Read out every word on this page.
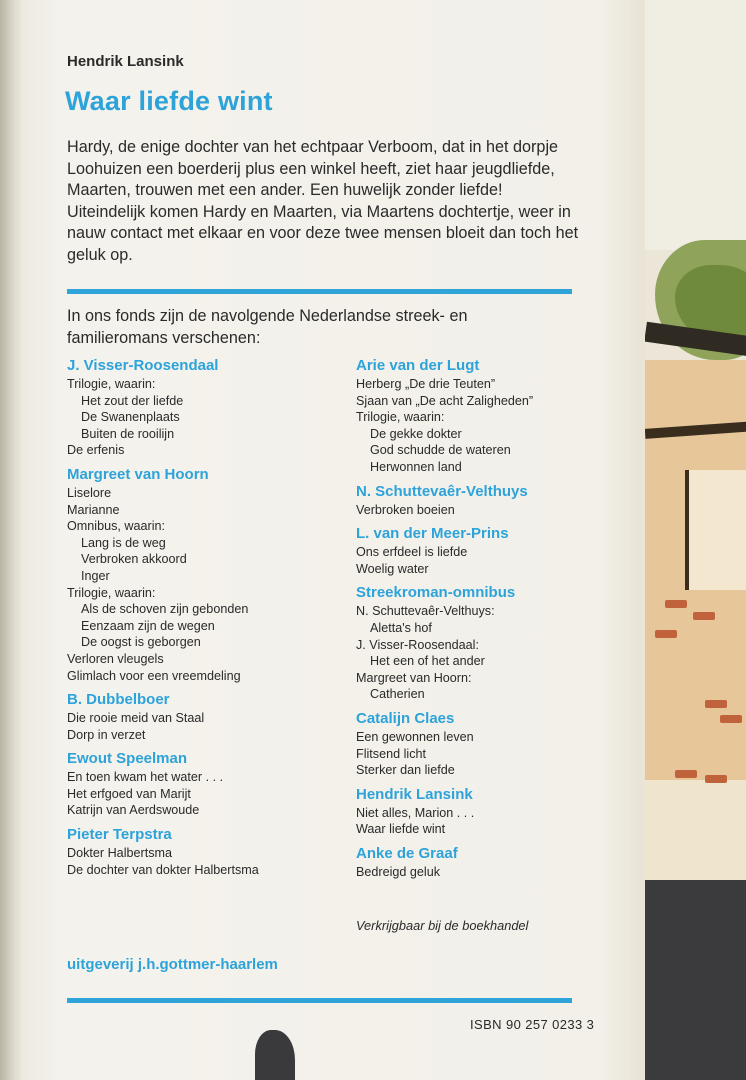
Hendrik Lansink
Waar liefde wint

Hardy, de enige dochter van het echtpaar Verboom, dat in het dorpje Loohuizen een boerderij plus een winkel heeft, ziet haar jeugdliefde, Maarten, trouwen met een ander. Een huwelijk zonder liefde!

Uiteindelijk komen Hardy en Maarten, via Maartens dochtertje, weer in nauw contact met elkaar en voor deze twee mensen bloeit dan toch het geluk op.

In ons fonds zijn de navolgende Nederlandse streek- en familieromans verschenen:

J. Visser-Roosendaal
Trilogie, waarin:
Het zout der liefde
De Swanenplaats
Buiten de rooilijn
De erfenis
Margreet van Hoorn
Liselore
Marianne
Omnibus, waarin:
Lang is de weg
Verbroken akkoord
Inger
Trilogie, waarin:
Als de schoven zijn gebonden
Eenzaam zijn de wegen
De oogst is geborgen
Verloren vleugels
Glimlach voor een vreemdeling
B. Dubbelboer
Die rooie meid van Staal
Dorp in verzet
Ewout Speelman
En toen kwam het water . . .
Het erfgoed van Marijt
Katrijn van Aerdswoude
Pieter Terpstra
Dokter Halbertsma
De dochter van dokter Halbertsma
Arie van der Lugt
Herberg „De drie Teuten”
Sjaan van „De acht Zaligheden”
Trilogie, waarin:
De gekke dokter
God schudde de wateren
Herwonnen land
N. Schuttevaêr-Velthuys
Verbroken boeien
L. van der Meer-Prins
Ons erfdeel is liefde
Woelig water
Streekroman-omnibus
N. Schuttevaêr-Velthuys:
Aletta's hof
J. Visser-Roosendaal:
Het een of het ander
Margreet van Hoorn:
Catherien
Catalijn Claes
Een gewonnen leven
Flitsend licht
Sterker dan liefde
Hendrik Lansink
Niet alles, Marion . . .
Waar liefde wint
Anke de Graaf
Bedreigd geluk
Verkrijgbaar bij de boekhandel
uitgeverij j.h.gottmer-haarlem
ISBN 90 257 0233 3
